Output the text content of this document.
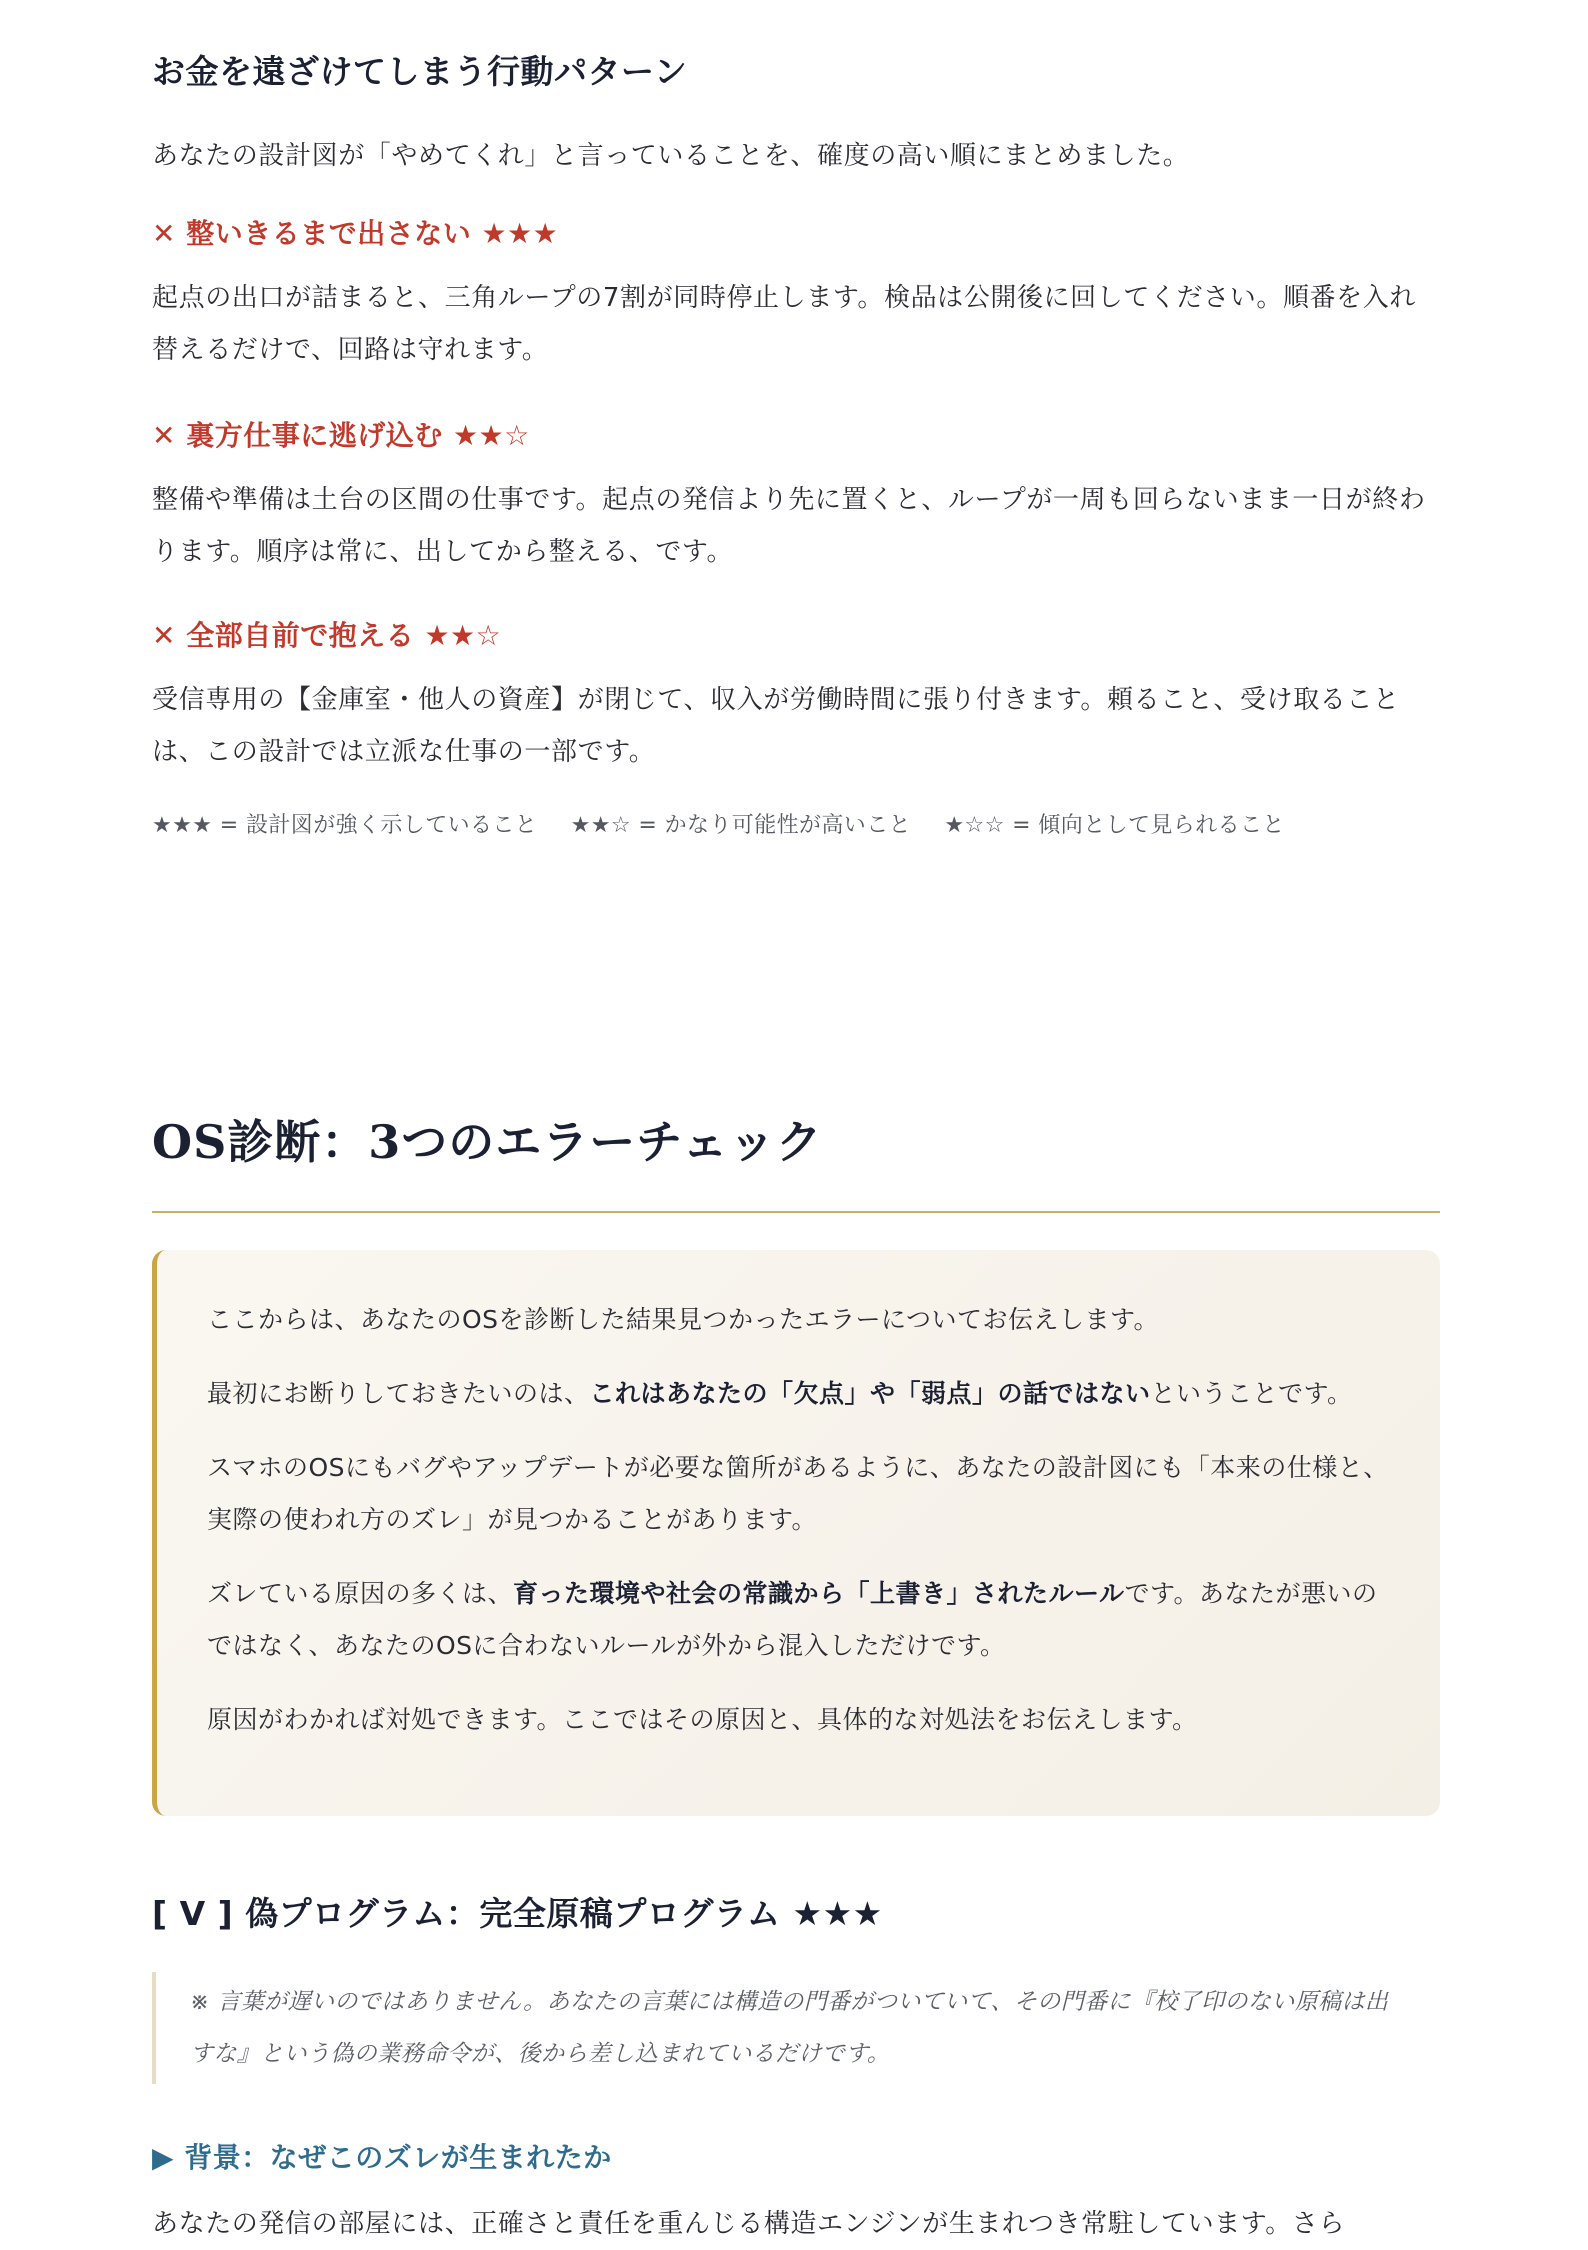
お金を遠ざけてしまう行動パターン

あなたの設計図が「やめてくれ」と言っていることを、確度の高い順にまとめました。

✕ 整いきるまで出さない ★★★

起点の出口が詰まると、三角ループの7割が同時停止します。検品は公開後に回してください。順番を入れ替えるだけで、回路は守れます。

✕ 裏方仕事に逃げ込む ★★☆

整備や準備は土台の区間の仕事です。起点の発信より先に置くと、ループが一周も回らないまま一日が終わります。順序は常に、出してから整える、です。

✕ 全部自前で抱える ★★☆

受信専用の【金庫室・他人の資産】が閉じて、収入が労働時間に張り付きます。頼ること、受け取ることは、この設計では立派な仕事の一部です。

★★★ = 設計図が強く示していること ★★☆ = かなり可能性が高いこと ★☆☆ = 傾向として見られること
OS診断：3つのエラーチェック

ここからは、あなたのOSを診断した結果見つかったエラーについてお伝えします。

最初にお断りしておきたいのは、これはあなたの「欠点」や「弱点」の話ではないということです。

スマホのOSにもバグやアップデートが必要な箇所があるように、あなたの設計図にも「本来の仕様と、実際の使われ方のズレ」が見つかることがあります。

ズレている原因の多くは、育った環境や社会の常識から「上書き」されたルールです。あなたが悪いのではなく、あなたのOSに合わないルールが外から混入しただけです。

原因がわかれば対処できます。ここではその原因と、具体的な対処法をお伝えします。

[ V ] 偽プログラム：完全原稿プログラム ★★★
※ 言葉が遅いのではありません。あなたの言葉には構造の門番がついていて、その門番に『校了印のない原稿は出すな』という偽の業務命令が、後から差し込まれているだけです。
▶ 背景：なぜこのズレが生まれたか

あなたの発信の部屋には、正確さと責任を重んじる構造エンジンが生まれつき常駐しています。さら
